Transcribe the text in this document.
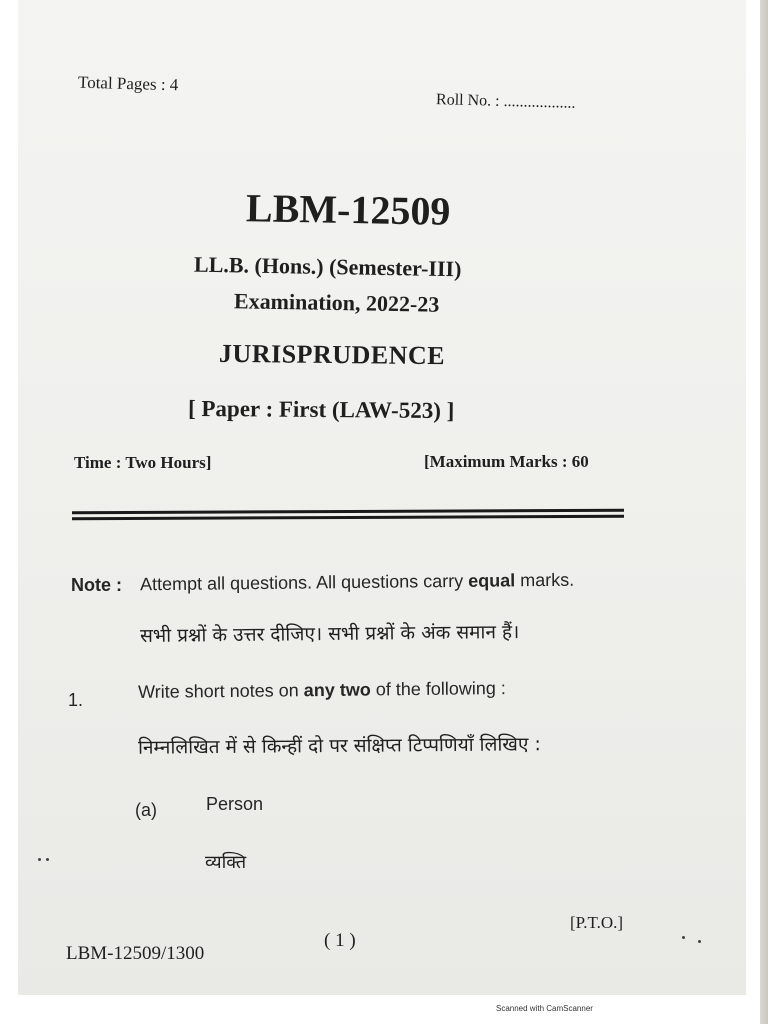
Total Pages : 4
Roll No. : ..................
LBM-12509
LL.B. (Hons.) (Semester-III)
Examination, 2022-23
JURISPRUDENCE
[ Paper : First (LAW-523) ]
Time : Two Hours]	[Maximum Marks : 60
Note : Attempt all questions. All questions carry equal marks.
सभी प्रश्नों के उत्तर दीजिए। सभी प्रश्नों के अंक समान हैं।
1.	Write short notes on any two of the following :
निम्नलिखित में से किन्हीं दो पर संक्षिप्त टिप्पणियाँ लिखिए :
(a)	Person
व्यक्ति
[P.T.O.]
LBM-12509/1300
( 1 )
Scanned with CamScanner
